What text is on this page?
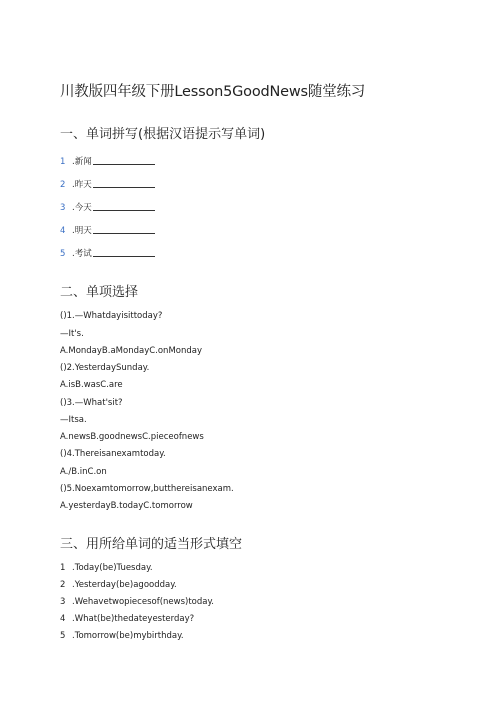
川教版四年级下册Lesson5GoodNews随堂练习
一、单词拼写(根据汉语提示写单词)
1 .新闻
2 .昨天
3 .今天
4 .明天
5 .考试
二、单项选择
()1.—Whatdayisittoday?
—It's.
A.MondayB.aMondayC.onMonday
()2.YesterdaySunday.
A.isB.wasC.are
()3.—What'sit?
—Itsa.
A.newsB.goodnewsC.pieceofnews
()4.Thereisanexamtoday.
A./B.inC.on
()5.Noexamtomorrow,butthereisanexam.
A.yesterdayB.todayC.tomorrow
三、用所给单词的适当形式填空
1 .Today(be)Tuesday.
2 .Yesterday(be)agoodday.
3 .Wehavetwopiecesof(news)today.
4 .What(be)thedateyesterday?
5 .Tomorrow(be)mybirthday.
